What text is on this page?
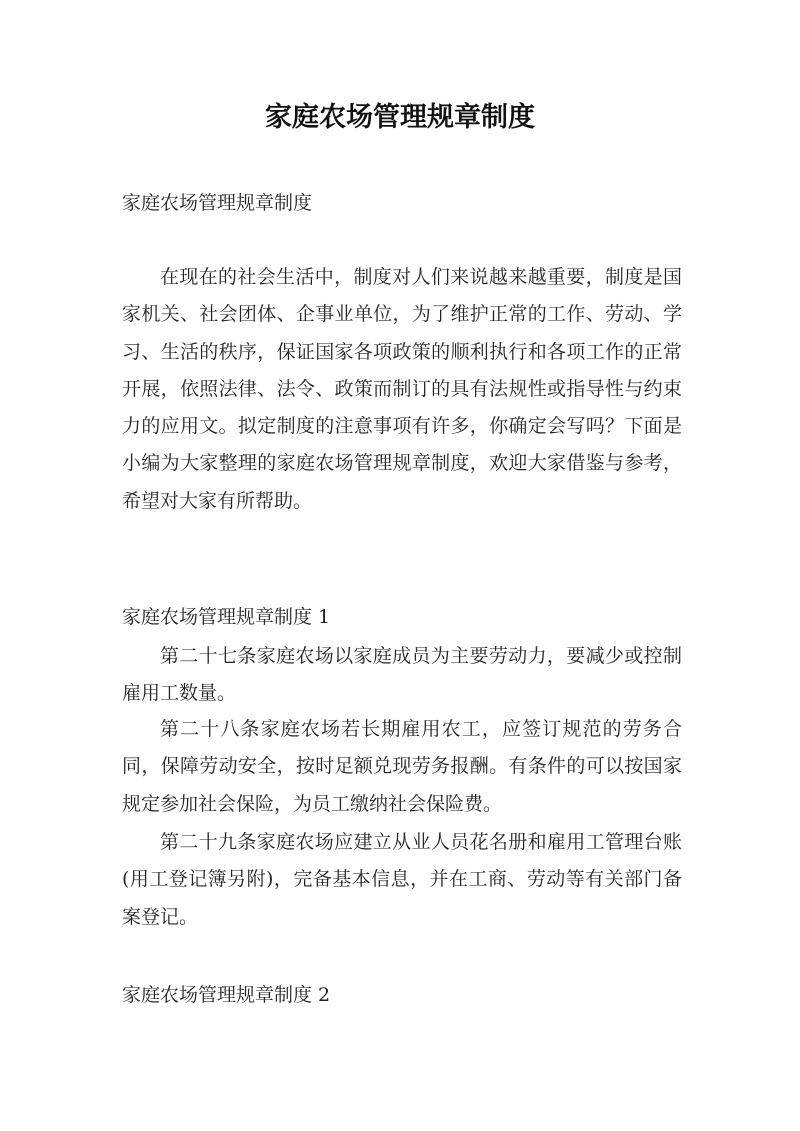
家庭农场管理规章制度

家庭农场管理规章制度

在现在的社会生活中，制度对人们来说越来越重要，制度是国家机关、社会团体、企事业单位，为了维护正常的工作、劳动、学习、生活的秩序，保证国家各项政策的顺利执行和各项工作的正常开展，依照法律、法令、政策而制订的具有法规性或指导性与约束力的应用文。拟定制度的注意事项有许多，你确定会写吗？下面是小编为大家整理的家庭农场管理规章制度，欢迎大家借鉴与参考，希望对大家有所帮助。

家庭农场管理规章制度 1

第二十七条家庭农场以家庭成员为主要劳动力，要减少或控制雇用工数量。

第二十八条家庭农场若长期雇用农工，应签订规范的劳务合同，保障劳动安全，按时足额兑现劳务报酬。有条件的可以按国家规定参加社会保险，为员工缴纳社会保险费。

第二十九条家庭农场应建立从业人员花名册和雇用工管理台账(用工登记簿另附)，完备基本信息，并在工商、劳动等有关部门备案登记。

家庭农场管理规章制度 2
